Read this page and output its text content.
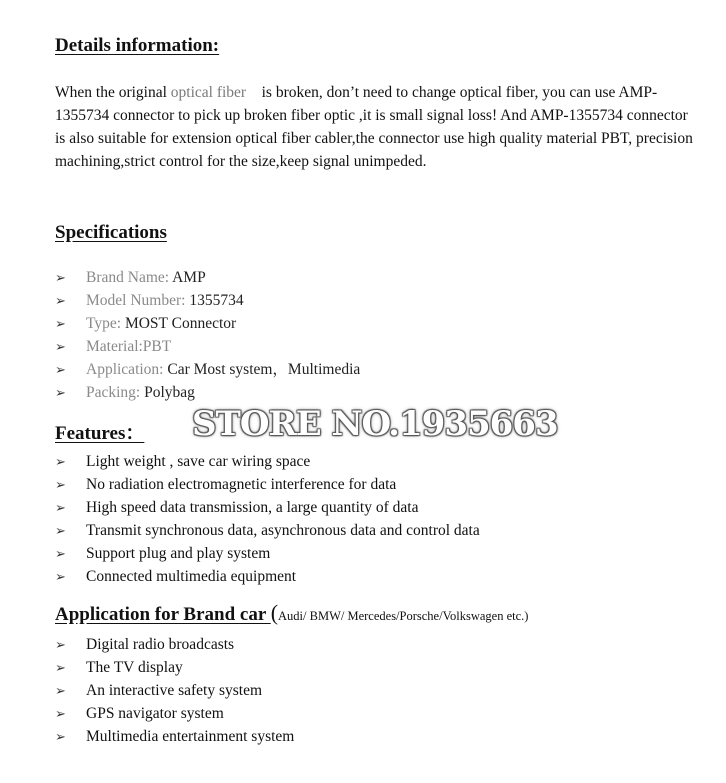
Details information:

When the original optical fiber    is broken, don’t need to change optical fiber, you can use AMP-1355734 connector to pick up broken fiber optic ,it is small signal loss! And AMP-1355734 connector is also suitable for extension optical fiber cabler,the connector use high quality material PBT, precision machining,strict control for the size,keep signal unimpeded.

Specifications
➢ Brand Name: AMP
➢ Model Number: 1355734
➢ Type: MOST Connector
➢ Material:PBT
➢ Application: Car Most system，Multimedia
➢ Packing: Polybag
Features： STORE NO.1935663
➢ Light weight , save car wiring space
➢ No radiation electromagnetic interference for data
➢ High speed data transmission, a large quantity of data
➢ Transmit synchronous data, asynchronous data and control data
➢ Support plug and play system
➢ Connected multimedia equipment
Application for Brand car (Audi/ BMW/ Mercedes/Porsche/Volkswagen etc.)
➢ Digital radio broadcasts
➢ The TV display
➢ An interactive safety system
➢ GPS navigator system
➢ Multimedia entertainment system
